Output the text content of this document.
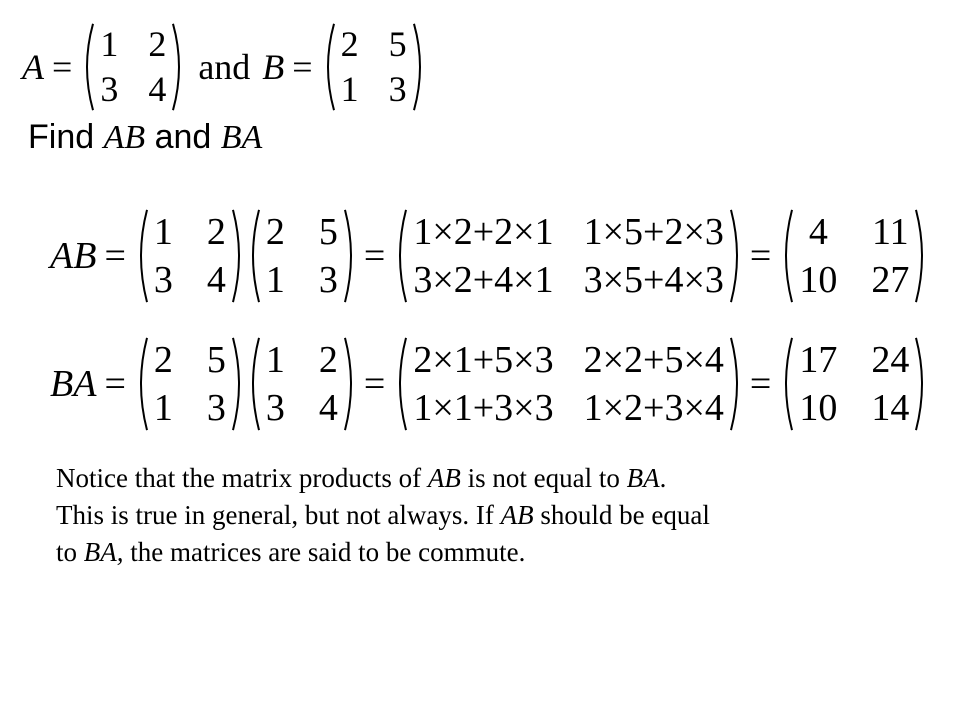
A =
1 2
3 4
and B =
2 5
1 3
Find AB and BA
AB =
1 2
3 4
2 5
1 3
=
1×2+2×1 1×5+2×3
3×2+4×1 3×5+4×3
=
4 11
10 27
BA =
2 5
1 3
1 2
3 4
=
2×1+5×3 2×2+5×4
1×1+3×3 1×2+3×4
=
17 24
10 14
Notice that the matrix products of AB is not equal to BA.
This is true in general, but not always. If AB should be equal
to BA, the matrices are said to be commute.
